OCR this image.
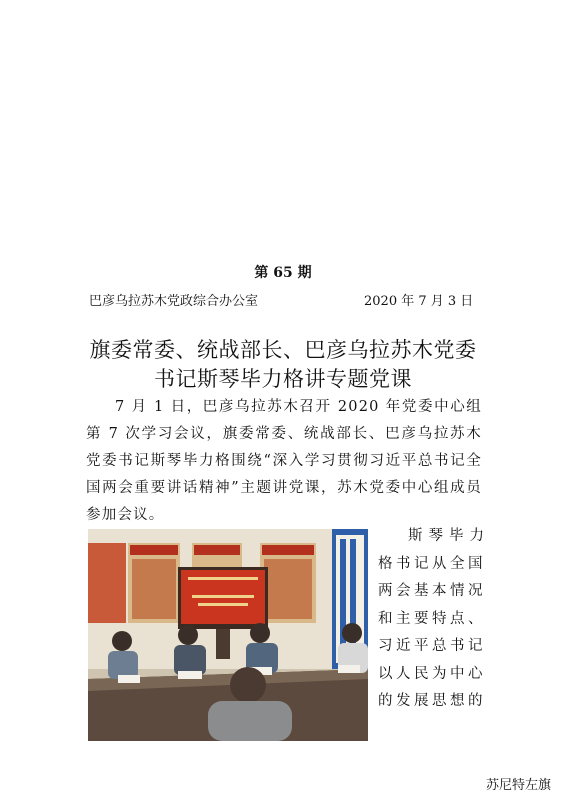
第 65 期
巴彦乌拉苏木党政综合办公室	2020 年 7 月 3 日
旗委常委、统战部长、巴彦乌拉苏木党委
书记斯琴毕力格讲专题党课
7 月 1 日，巴彦乌拉苏木召开 2020 年党委中心组第 7 次学习会议，旗委常委、统战部长、巴彦乌拉苏木党委书记斯琴毕力格围绕“深入学习贯彻习近平总书记全国两会重要讲话精神”主题讲党课，苏木党委中心组成员参加会议。
斯琴毕力
格书记从全国
两会基本情况
和主要特点、
习近平总书记
以人民为中心
的发展思想的
苏尼特左旗
